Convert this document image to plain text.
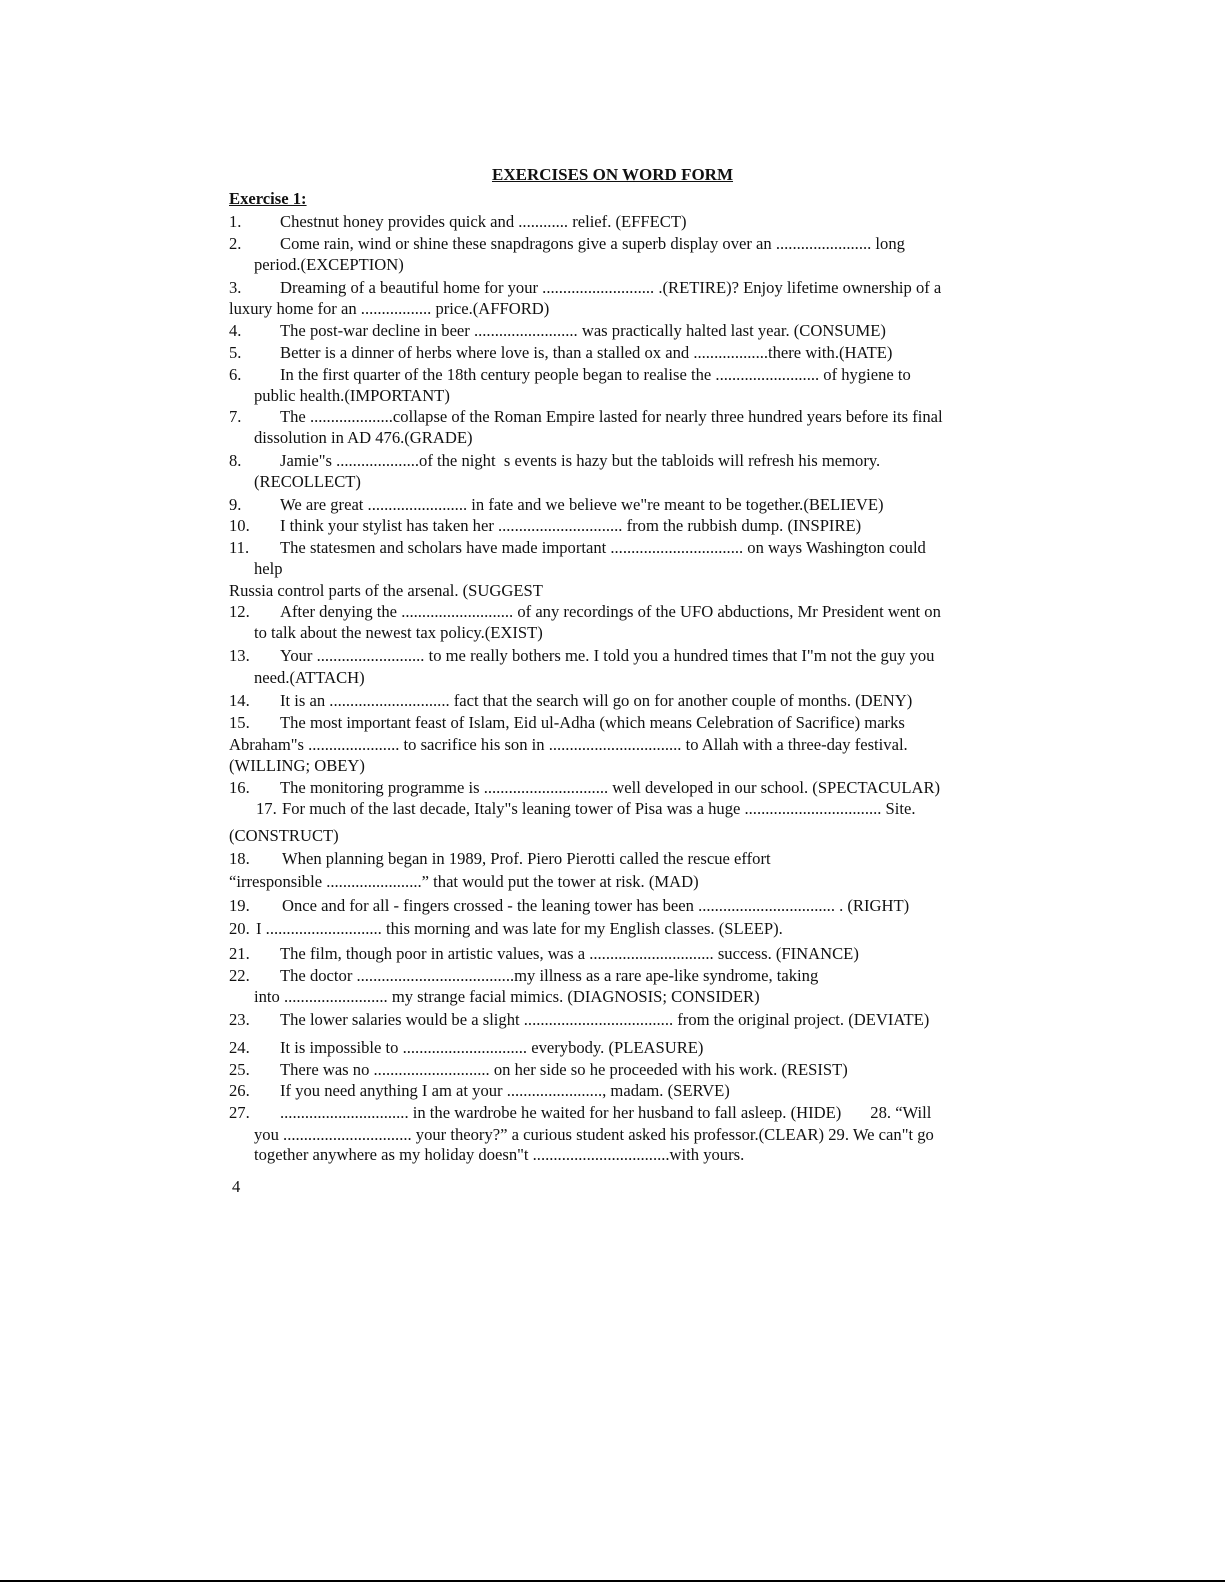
EXERCISES ON WORD FORM
Exercise 1:
1. Chestnut honey provides quick and ............ relief. (EFFECT)
2. Come rain, wind or shine these snapdragons give a superb display over an ....................... long
period.(EXCEPTION)
3. Dreaming of a beautiful home for your ........................... .(RETIRE)? Enjoy lifetime ownership of a
luxury home for an ................. price.(AFFORD)
4. The post-war decline in beer ......................... was practically halted last year. (CONSUME)
5. Better is a dinner of herbs where love is, than a stalled ox and ..................there with.(HATE)
6. In the first quarter of the 18th century people began to realise the ......................... of hygiene to
public health.(IMPORTANT)
7. The ....................collapse of the Roman Empire lasted for nearly three hundred years before its final
dissolution in AD 476.(GRADE)
8. Jamie"s ....................of the night  s events is hazy but the tabloids will refresh his memory.
(RECOLLECT)
9. We are great ........................ in fate and we believe we"re meant to be together.(BELIEVE)
10. I think your stylist has taken her .............................. from the rubbish dump. (INSPIRE)
11. The statesmen and scholars have made important ................................ on ways Washington could
help
Russia control parts of the arsenal. (SUGGEST
12. After denying the ........................... of any recordings of the UFO abductions, Mr President went on
to talk about the newest tax policy.(EXIST)
13. Your .......................... to me really bothers me. I told you a hundred times that I"m not the guy you
need.(ATTACH)
14. It is an ............................. fact that the search will go on for another couple of months. (DENY)
15. The most important feast of Islam, Eid ul-Adha (which means Celebration of Sacrifice) marks
Abraham"s ...................... to sacrifice his son in ................................ to Allah with a three-day festival.
(WILLING; OBEY)
16. The monitoring programme is .............................. well developed in our school. (SPECTACULAR)
17. For much of the last decade, Italy"s leaning tower of Pisa was a huge ................................. Site.
(CONSTRUCT)
18. When planning began in 1989, Prof. Piero Pierotti called the rescue effort
“irresponsible .......................” that would put the tower at risk. (MAD)
19. Once and for all - fingers crossed - the leaning tower has been ................................. . (RIGHT)
20. I ............................ this morning and was late for my English classes. (SLEEP).
21. The film, though poor in artistic values, was a .............................. success. (FINANCE)
22. The doctor ......................................my illness as a rare ape-like syndrome, taking
into ......................... my strange facial mimics. (DIAGNOSIS; CONSIDER)
23. The lower salaries would be a slight .................................... from the original project. (DEVIATE)
24. It is impossible to .............................. everybody. (PLEASURE)
25. There was no ............................ on her side so he proceeded with his work. (RESIST)
26. If you need anything I am at your ......................., madam. (SERVE)
27. ............................... in the wardrobe he waited for her husband to fall asleep. (HIDE)       28. “Will
you ............................... your theory?” a curious student asked his professor.(CLEAR) 29. We can"t go
together anywhere as my holiday doesn"t .................................with yours.
4
